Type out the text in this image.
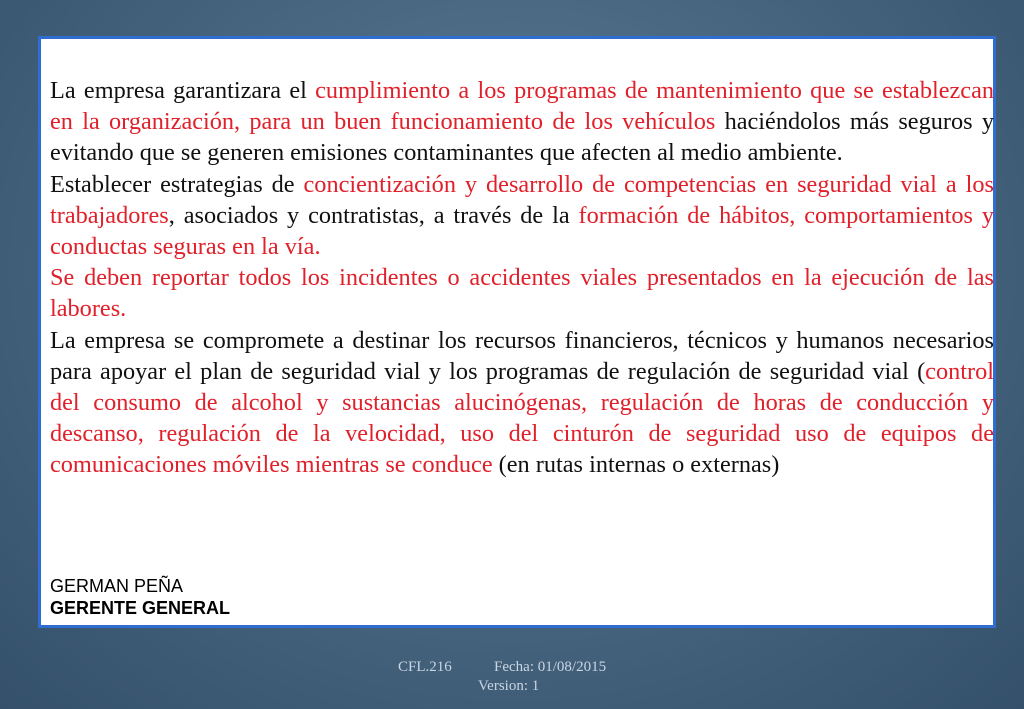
La empresa garantizara el cumplimiento a los programas de mantenimiento que se establezcan en la organización, para un buen funcionamiento de los vehículos haciéndolos más seguros y evitando que se generen emisiones contaminantes que afecten al medio ambiente.

Establecer estrategias de concientización y desarrollo de competencias en seguridad vial a los trabajadores, asociados y contratistas, a través de la formación de hábitos, comportamientos y conductas seguras en la vía.

Se deben reportar todos los incidentes o accidentes viales presentados en la ejecución de las labores.

La empresa se compromete a destinar los recursos financieros, técnicos y humanos necesarios para apoyar el plan de seguridad vial y los programas de regulación de seguridad vial (control del consumo de alcohol y sustancias alucinógenas, regulación de horas de conducción y descanso, regulación de la velocidad, uso del cinturón de seguridad uso de equipos de comunicaciones móviles mientras se conduce (en rutas internas o externas)

GERMAN PEÑA
GERENTE GENERAL
CFL.216	Fecha: 01/08/2015
Version: 1
